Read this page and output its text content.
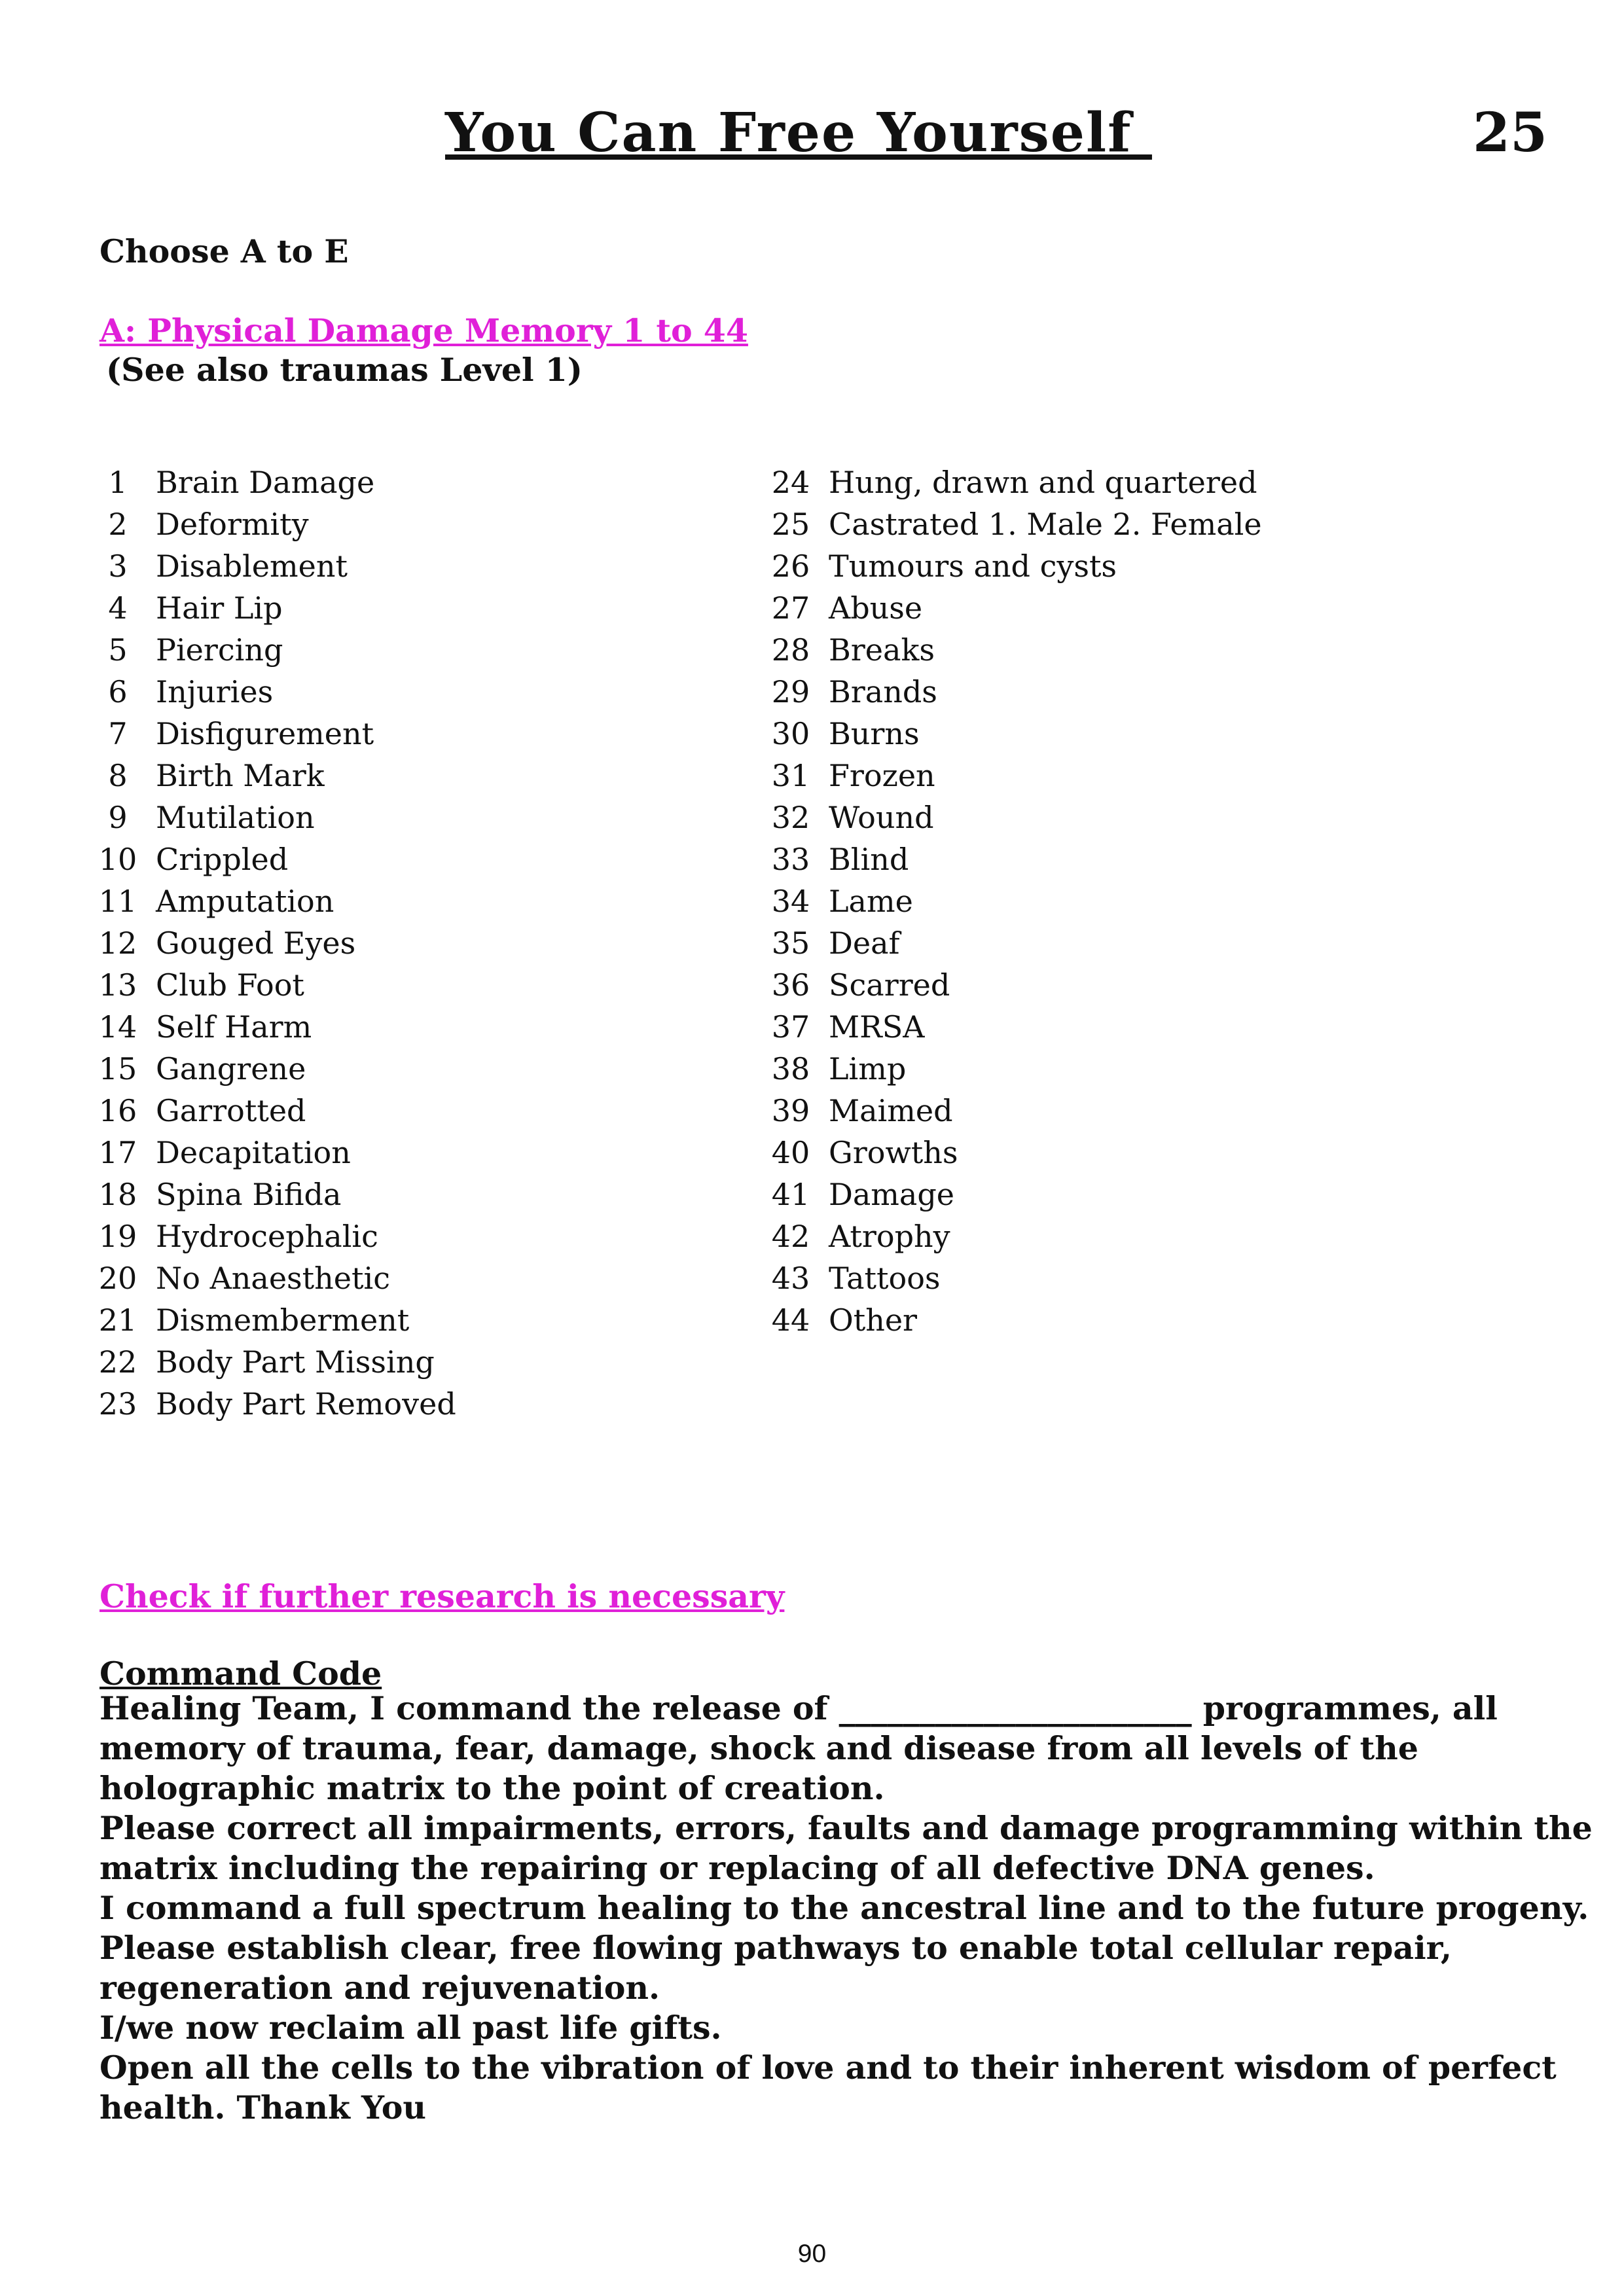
You Can Free Yourself	25
Choose A to E
A: Physical Damage Memory 1 to 44
(See also traumas Level 1)
1 Brain Damage
2 Deformity
3 Disablement
4 Hair Lip
5 Piercing
6 Injuries
7 Disfigurement
8 Birth Mark
9 Mutilation
10 Crippled
11 Amputation
12 Gouged Eyes
13 Club Foot
14 Self Harm
15 Gangrene
16 Garrotted
17 Decapitation
18 Spina Bifida
19 Hydrocephalic
20 No Anaesthetic
21 Dismemberment
22 Body Part Missing
23 Body Part Removed
24 Hung, drawn and quartered
25 Castrated 1. Male 2. Female
26 Tumours and cysts
27 Abuse
28 Breaks
29 Brands
30 Burns
31 Frozen
32 Wound
33 Blind
34 Lame
35 Deaf
36 Scarred
37 MRSA
38 Limp
39 Maimed
40 Growths
41 Damage
42 Atrophy
43 Tattoos
44 Other
Check if further research is necessary
Command Code
Healing Team, I command the release of ______________________ programmes, all
memory of trauma, fear, damage, shock and disease from all levels of the
holographic matrix to the point of creation.
Please correct all impairments, errors, faults and damage programming within the
matrix including the repairing or replacing of all defective DNA genes.
I command a full spectrum healing to the ancestral line and to the future progeny.
Please establish clear, free flowing pathways to enable total cellular repair,
regeneration and rejuvenation.
I/we now reclaim all past life gifts.
Open all the cells to the vibration of love and to their inherent wisdom of perfect
health. Thank You
90
